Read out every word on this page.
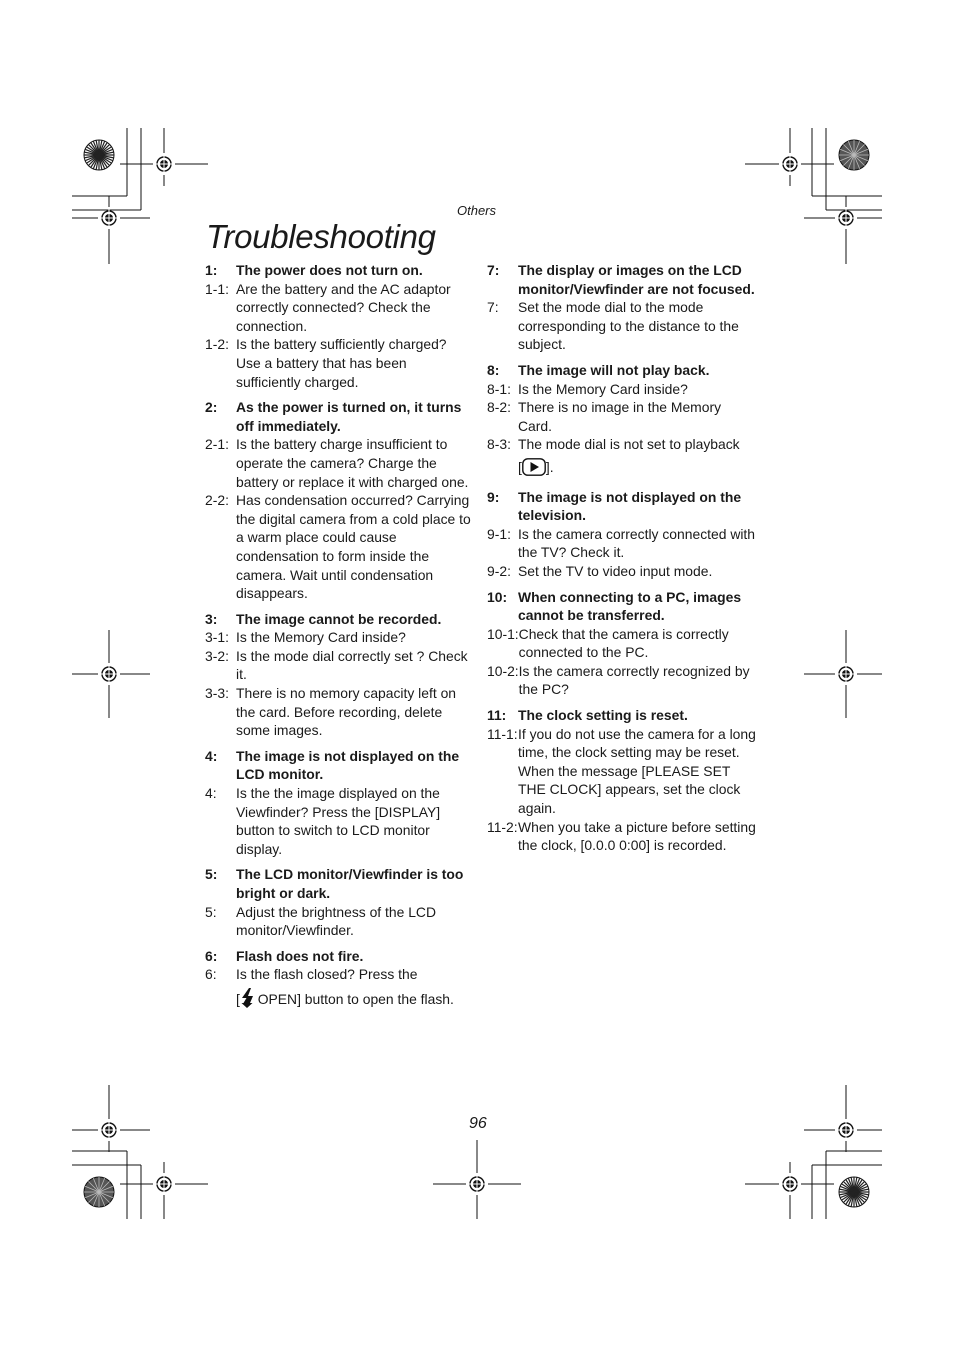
Others
Troubleshooting
1:	The power does not turn on.
1-1: Are the battery and the AC adaptor correctly connected? Check the connection.
1-2: Is the battery sufficiently charged? Use a battery that has been sufficiently charged.
2:	As the power is turned on, it turns off immediately.
2-1: Is the battery charge insufficient to operate the camera? Charge the battery or replace it with charged one.
2-2: Has condensation occurred? Carrying the digital camera from a cold place to a warm place could cause condensation to form inside the camera. Wait until condensation disappears.
3:	The image cannot be recorded.
3-1: Is the Memory Card inside?
3-2: Is the mode dial correctly set ? Check it.
3-3: There is no memory capacity left on the card. Before recording, delete some images.
4:	The image is not displayed on the LCD monitor.
4:	Is the the image displayed on the Viewfinder? Press the [DISPLAY] button to switch to LCD monitor display.
5:	The LCD monitor/Viewfinder is too bright or dark.
5:	Adjust the brightness of the LCD monitor/Viewfinder.
6:	Flash does not fire.
6:	Is the flash closed? Press the
[ OPEN] button to open the flash.
7:	The display or images on the LCD monitor/Viewfinder are not focused.
7:	Set the mode dial to the mode corresponding to the distance to the subject.
8:	The image will not play back.
8-1: Is the Memory Card inside?
8-2: There is no image in the Memory Card.
8-3: The mode dial is not set to playback
[ ].
9:	The image is not displayed on the television.
9-1: Is the camera correctly connected with the TV? Check it.
9-2: Set the TV to video input mode.
10: When connecting to a PC, images cannot be transferred.
10-1: Check that the camera is correctly connected to the PC.
10-2: Is the camera correctly recognized by the PC?
11: The clock setting is reset.
11-1: If you do not use the camera for a long time, the clock setting may be reset. When the message [PLEASE SET THE CLOCK] appears, set the clock again.
11-2: When you take a picture before setting the clock, [0.0.0 0:00] is recorded.
96
